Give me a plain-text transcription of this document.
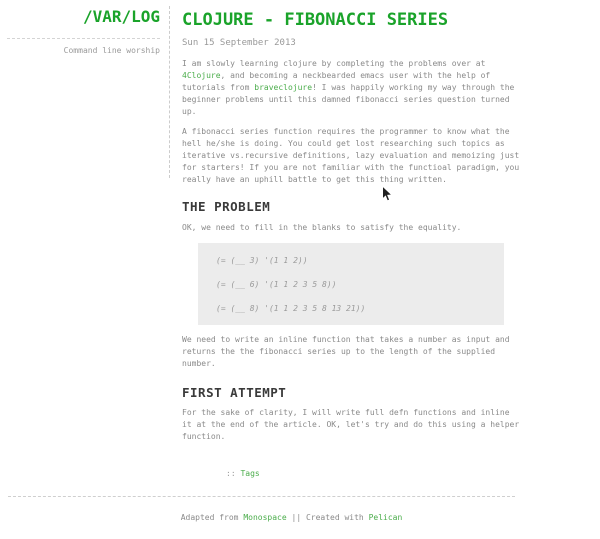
/VAR/LOG
Command line worship
CLOJURE - FIBONACCI SERIES
Sun 15 September 2013

I am slowly learning clojure by completing the problems over at 4Clojure, and becoming a neckbearded emacs user with the help of tutorials from braveclojure! I was happily working my way through the beginner problems until this damned fibonacci series question turned up.

A fibonacci series function requires the programmer to know what the hell he/she is doing. You could get lost researching such topics as iterative vs.recursive definitions, lazy evaluation and memoizing just for starters! If you are not familiar with the functioal paradigm, you really have an uphill battle to get this thing written.

THE PROBLEM

OK, we need to fill in the blanks to satisfy the equality.

(= (__ 3) '(1 1 2))
(= (__ 6) '(1 1 2 3 5 8))
(= (__ 8) '(1 1 2 3 5 8 13 21))

We need to write an inline function that takes a number as input and returns the the fibonacci series up to the length of the supplied number.

FIRST ATTEMPT

For the sake of clarity, I will write full defn functions and inline it at the end of the article. OK, let's try and do this using a helper function.

:: Tags
Adapted from Monospace || Created with Pelican
